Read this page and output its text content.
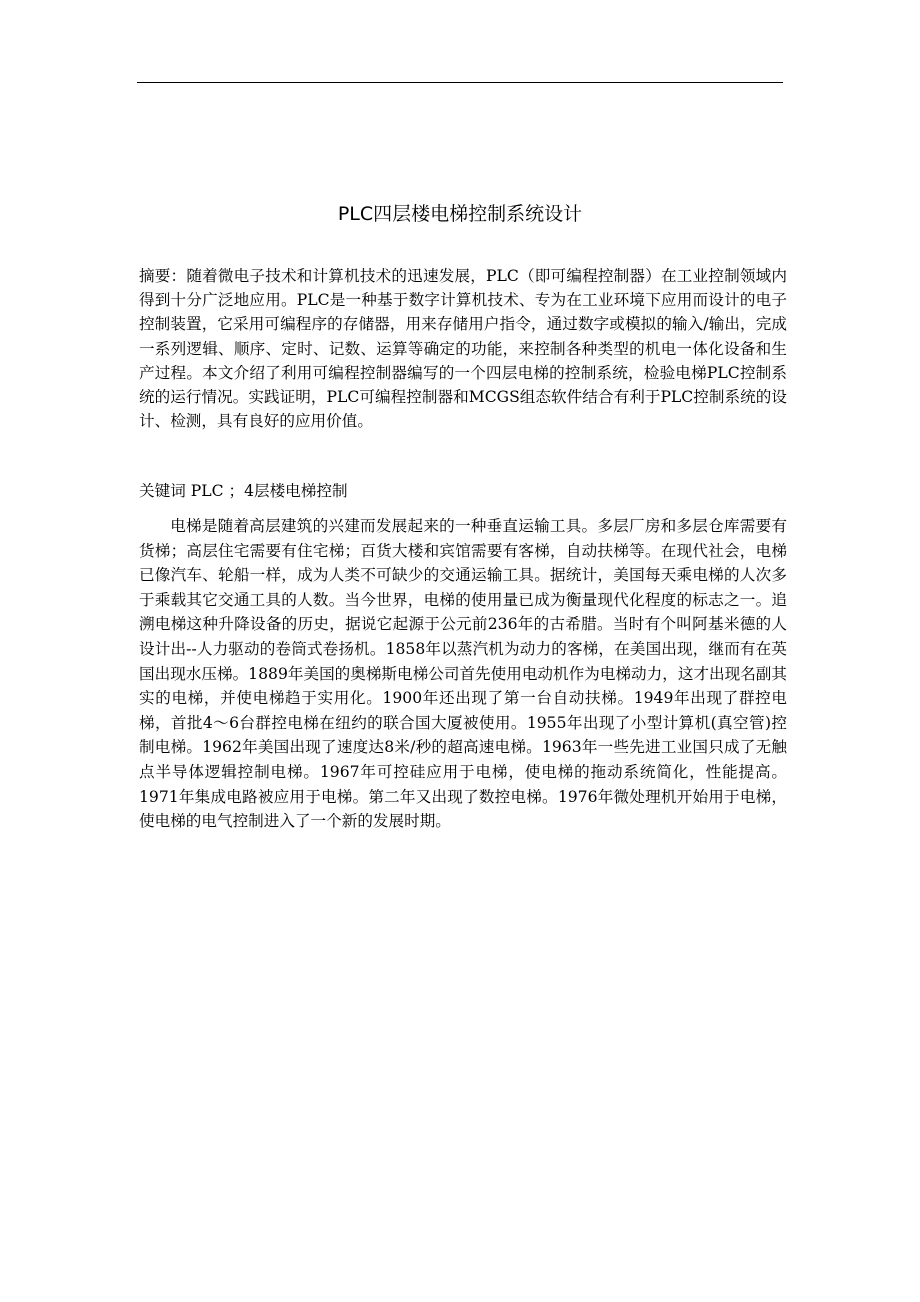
PLC四层楼电梯控制系统设计
摘要：随着微电子技术和计算机技术的迅速发展，PLC（即可编程控制器）在工业控制领域内得到十分广泛地应用。PLC是一种基于数字计算机技术、专为在工业环境下应用而设计的电子控制装置，它采用可编程序的存储器，用来存储用户指令，通过数字或模拟的输入/输出，完成一系列逻辑、顺序、定时、记数、运算等确定的功能，来控制各种类型的机电一体化设备和生产过程。本文介绍了利用可编程控制器编写的一个四层电梯的控制系统，检验电梯PLC控制系统的运行情况。实践证明，PLC可编程控制器和MCGS组态软件结合有利于PLC控制系统的设计、检测，具有良好的应用价值。
关键词 PLC ；4层楼电梯控制
电梯是随着高层建筑的兴建而发展起来的一种垂直运输工具。多层厂房和多层仓库需要有货梯；高层住宅需要有住宅梯；百货大楼和宾馆需要有客梯，自动扶梯等。在现代社会，电梯已像汽车、轮船一样，成为人类不可缺少的交通运输工具。据统计，美国每天乘电梯的人次多于乘载其它交通工具的人数。当今世界，电梯的使用量已成为衡量现代化程度的标志之一。追溯电梯这种升降设备的历史，据说它起源于公元前236年的古希腊。当时有个叫阿基米德的人设计出--人力驱动的卷筒式卷扬机。1858年以蒸汽机为动力的客梯，在美国出现，继而有在英国出现水压梯。1889年美国的奥梯斯电梯公司首先使用电动机作为电梯动力，这才出现名副其实的电梯，并使电梯趋于实用化。1900年还出现了第一台自动扶梯。1949年出现了群控电梯，首批4～6台群控电梯在纽约的联合国大厦被使用。1955年出现了小型计算机(真空管)控制电梯。1962年美国出现了速度达8米/秒的超高速电梯。1963年一些先进工业国只成了无触点半导体逻辑控制电梯。1967年可控硅应用于电梯，使电梯的拖动系统简化，性能提高。1971年集成电路被应用于电梯。第二年又出现了数控电梯。1976年微处理机开始用于电梯，使电梯的电气控制进入了一个新的发展时期。
